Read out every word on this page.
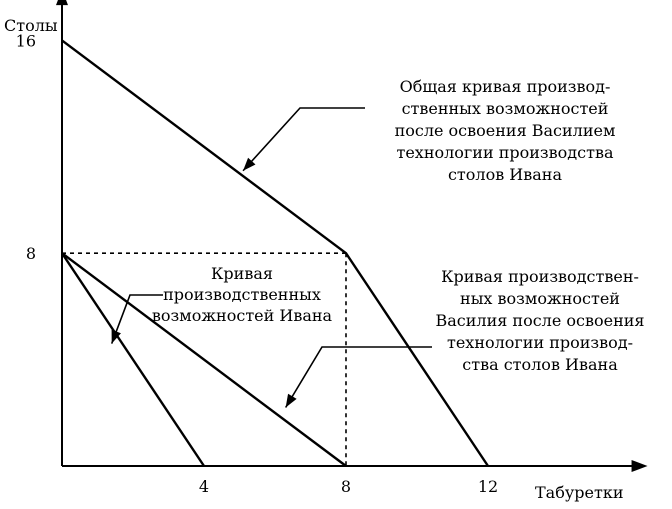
Столы
Табуретки
4	8	12
8
16
Общая кривая производ-
ственных возможностей
после освоения Василием
технологии производства
столов Ивана
Кривая
производственных
возможностей Ивана
Кривая производствен-
ных возможностей
Василия после освоения
технологии производ-
ства столов Ивана
